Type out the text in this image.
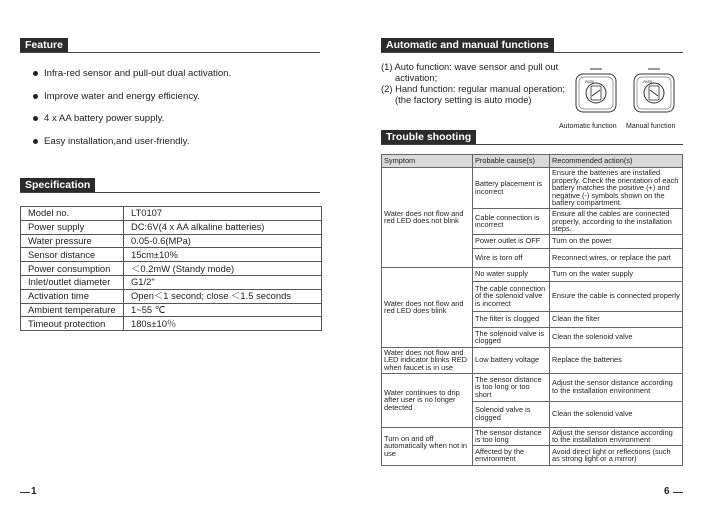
Feature
Infra-red sensor and pull-out dual activation.
Improve water and energy efficiency.
4 x AA battery power supply.
Easy installation,and user-friendly.
Specification
Model no.	LT0107
Power supply	DC:6V(4 x AA alkaline batteries)
Water pressure	0.05-0.6(MPa)
Sensor distance	15cm±10%
Power consumption	＜0.2mW (Standy mode)
Inlet/outlet diameter	G1/2"
Activation time	Open＜1 second; close ＜1.5 seconds
Ambient temperature	1~55 ℃
Timeout protection	180s±10％
1
Automatic and manual functions
(1) Auto function: wave sensor and pull out activation;
(2) Hand function: regular manual operation; (the factory setting is auto mode)
Auto
Automatic function
Auto
Manual function
Trouble shooting
Symptom	Probable cause(s)	Recommended action(s)
Water does not flow and red LED does not blink	Battery placement is incorrect	Ensure the batteries are installed properly. Check the orientation of each battery matches the positive (+) and negative (-) symbols shown on the battery compartment.
	Cable connection is incorrect	Ensure all the cables are connected properly, according to the installation steps.
	Power outlet is OFF	Turn on the power
	Wire is torn off	Reconnect wires, or replace the part
Water does not flow and red LED does blink	No water supply	Turn on the water supply
	The cable connection of the solenoid valve is incorrect	Ensure the cable is connected properly
	The filter is clogged	Clean the filter
	The solenoid valve is clogged	Clean the solenoid valve
Water does not flow and LED indicator blinks RED when faucet is in use	Low battery voltage	Replace the batteries
Water continues to drip after user is no longer detected	The sensor distance is too long or too short	Adjust the sensor distance according to the installation environment
	Solenoid valve is clogged	Clean the solenoid valve
Turn on and off automatically when not in use	The sensor distance is too long	Adjust the sensor distance according to the installation environment
	Affected by the environment	Avoid direct light or reflections (such as strong light or a mirror)
6
